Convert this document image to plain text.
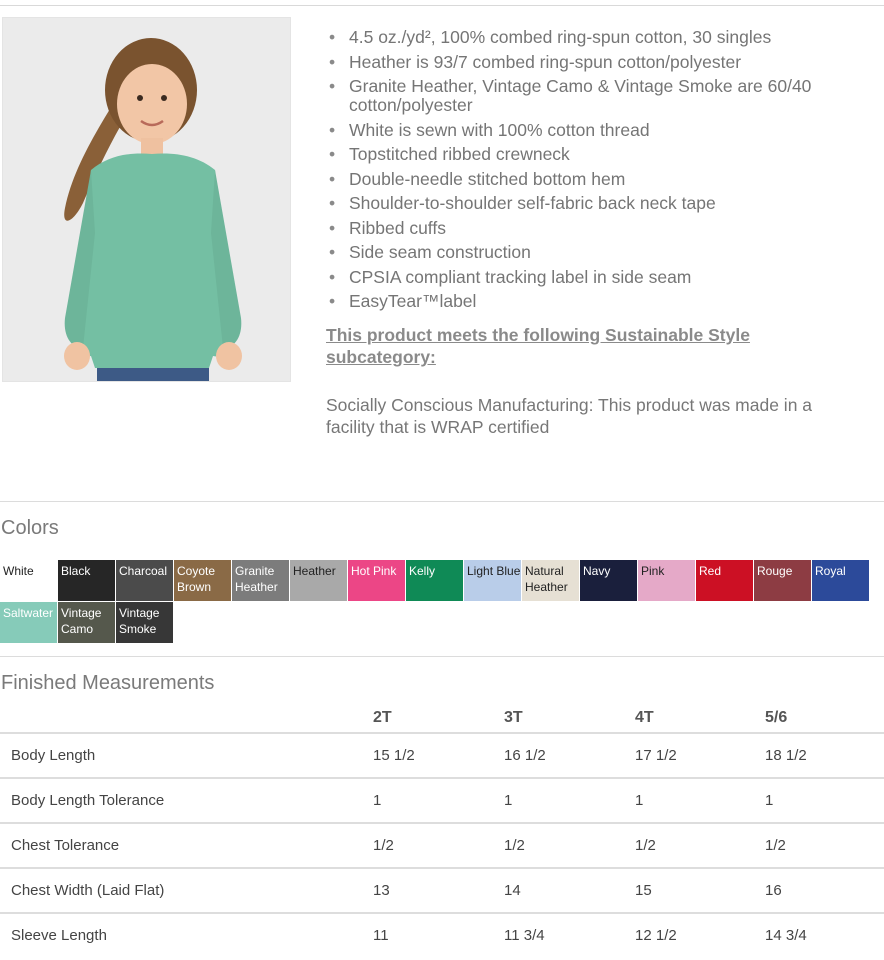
• 4.5 oz./yd², 100% combed ring-spun cotton, 30 singles
• Heather is 93/7 combed ring-spun cotton/polyester
• Granite Heather, Vintage Camo & Vintage Smoke are 60/40 cotton/polyester
• White is sewn with 100% cotton thread
• Topstitched ribbed crewneck
• Double-needle stitched bottom hem
• Shoulder-to-shoulder self-fabric back neck tape
• Ribbed cuffs
• Side seam construction
• CPSIA compliant tracking label in side seam
• EasyTear™label
This product meets the following Sustainable Style subcategory:
Socially Conscious Manufacturing: This product was made in a facility that is WRAP certified
Colors
White	Black	Charcoal Coyote Brown
Granite Heather
Heather	Hot Pink	Kelly	Light Blue Natural Heather
Navy	Pink	Red	Rouge	Royal
Saltwater Vintage Camo
Vintage Smoke
Finished Measurements
	2T	3T	4T	5/6
Body Length	15 1/2	16 1/2	17 1/2	18 1/2
Body Length Tolerance	1	1	1	1
Chest Tolerance	1/2	1/2	1/2	1/2
Chest Width (Laid Flat)	13	14	15	16
Sleeve Length	11	11 3/4	12 1/2	14 3/4
